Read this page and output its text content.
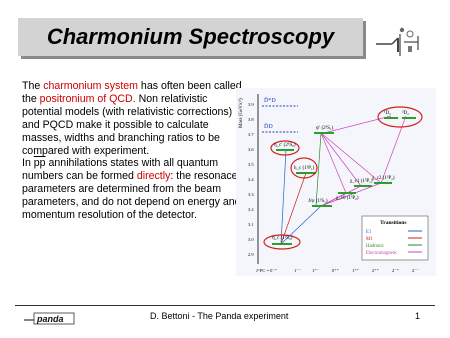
Charmonium Spectroscopy
The charmonium system has often been called the positronium of QCD. Non relativistic potential models (with relativistic corrections) and PQCD make it possible to calculate masses, widths and branching ratios to be compared with experiment.
In $\overline{pp}$ annihilations states with all quantum numbers can be formed directly: the resonace parameters are determined from the beam parameters, and do not depend on energy and momentum resolution of the detector.
Mass (GeV/c²) 3.9
3.8
3.7
3.6
3.5
3.4
3.3
3.2
3.1
3.0
2.9
D̄*D
D̄D
η_c (1¹S₀)
J/ψ (1³S₁)
η_c′ (2¹S₀)
ψ′ (2³S₁)
h_c (1¹P₁)
χ_c0 (1³P₀)
χ_c1 (1³P₁)
χ_c2 (1³P₂)
¹D₂ ³D₂
Transitions
E1
M1
Hadronic
Electromagnetic
J^PC = 0⁻⁺	1⁻⁻ 1⁺⁻	0⁺⁺	1⁺⁺	2⁺⁺	2⁻⁺	2⁻⁻
panda	D. Bettoni - The Panda experiment	1
